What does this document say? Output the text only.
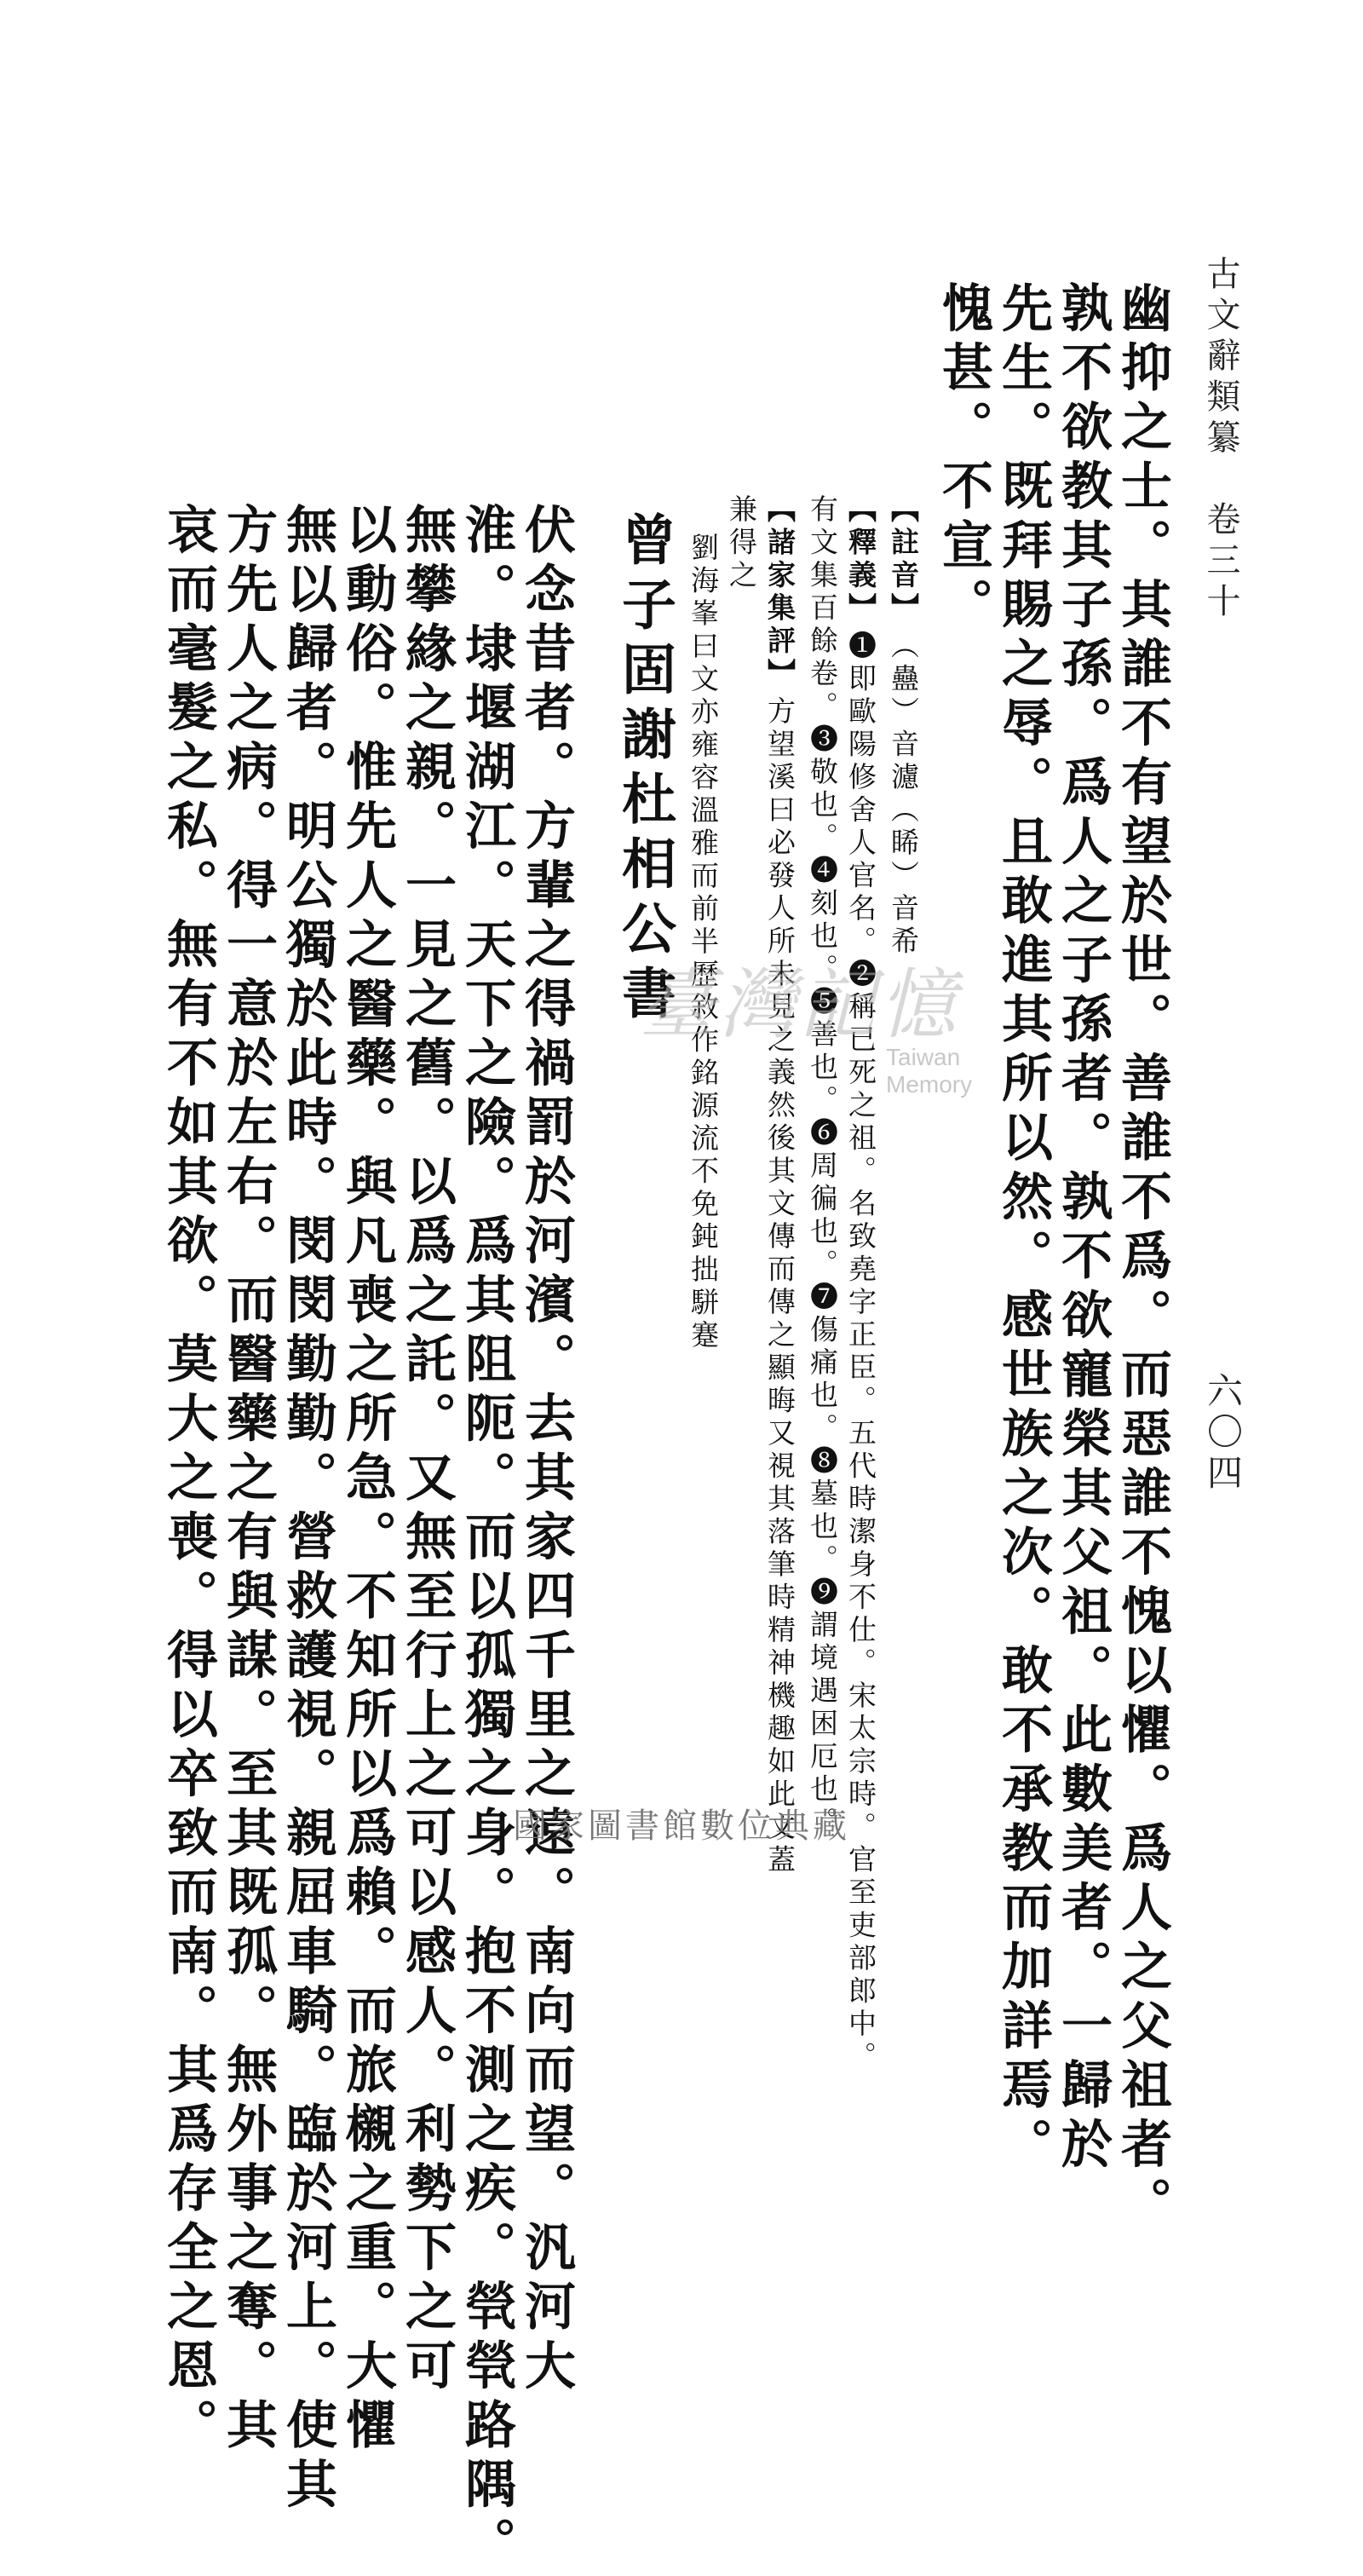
古文辭類纂　卷三十
六〇四
幽抑之士。其誰不有望於世。善誰不爲。而惡誰不愧以懼。爲人之父祖者。
孰不欲教其子孫。爲人之子孫者。孰不欲寵榮其父祖。此數美者。一歸於
先生。既拜賜之辱。且敢進其所以然。感世族之次。敢不承教而加詳焉。
愧甚。不宣。
【註音】（蠱）音濾（睎）音希
【釋義】➊即歐陽修舍人官名。➋稱已死之祖。名致堯字正臣。五代時潔身不仕。宋太宗時。官至吏部郎中。
有文集百餘卷。➌敬也。➍刻也。➎善也。➏周徧也。➐傷痛也。➑墓也。➒謂境遇困厄也。
【諸家集評】方望溪曰必發人所未見之義然後其文傳而傳之顯晦又視其落筆時精神機趣如此文蓋
兼得之
劉海峯曰文亦雍容溫雅而前半歷敘作銘源流不免鈍拙駢蹇
曾子固謝杜相公書
伏念昔者。方輩之得禍罰於河濱。去其家四千里之遠。南向而望。汎河大
淮。埭堰湖江。天下之險。爲其阻阨。而以孤獨之身。抱不測之疾。煢煢路隅。
無攀緣之親。一見之舊。以爲之託。又無至行上之可以感人。利勢下之可
以動俗。惟先人之醫藥。與凡喪之所急。不知所以爲賴。而旅櫬之重。大懼
無以歸者。明公獨於此時。閔閔勤勤。營救護視。親屈車騎。臨於河上。使其
方先人之病。得一意於左右。而醫藥之有與謀。至其既孤。無外事之奪。其
哀而毫髮之私。無有不如其欲。莫大之喪。得以卒致而南。其爲存全之恩。	臺灣記憶
Taiwan Memory
國家圖書館數位典藏
